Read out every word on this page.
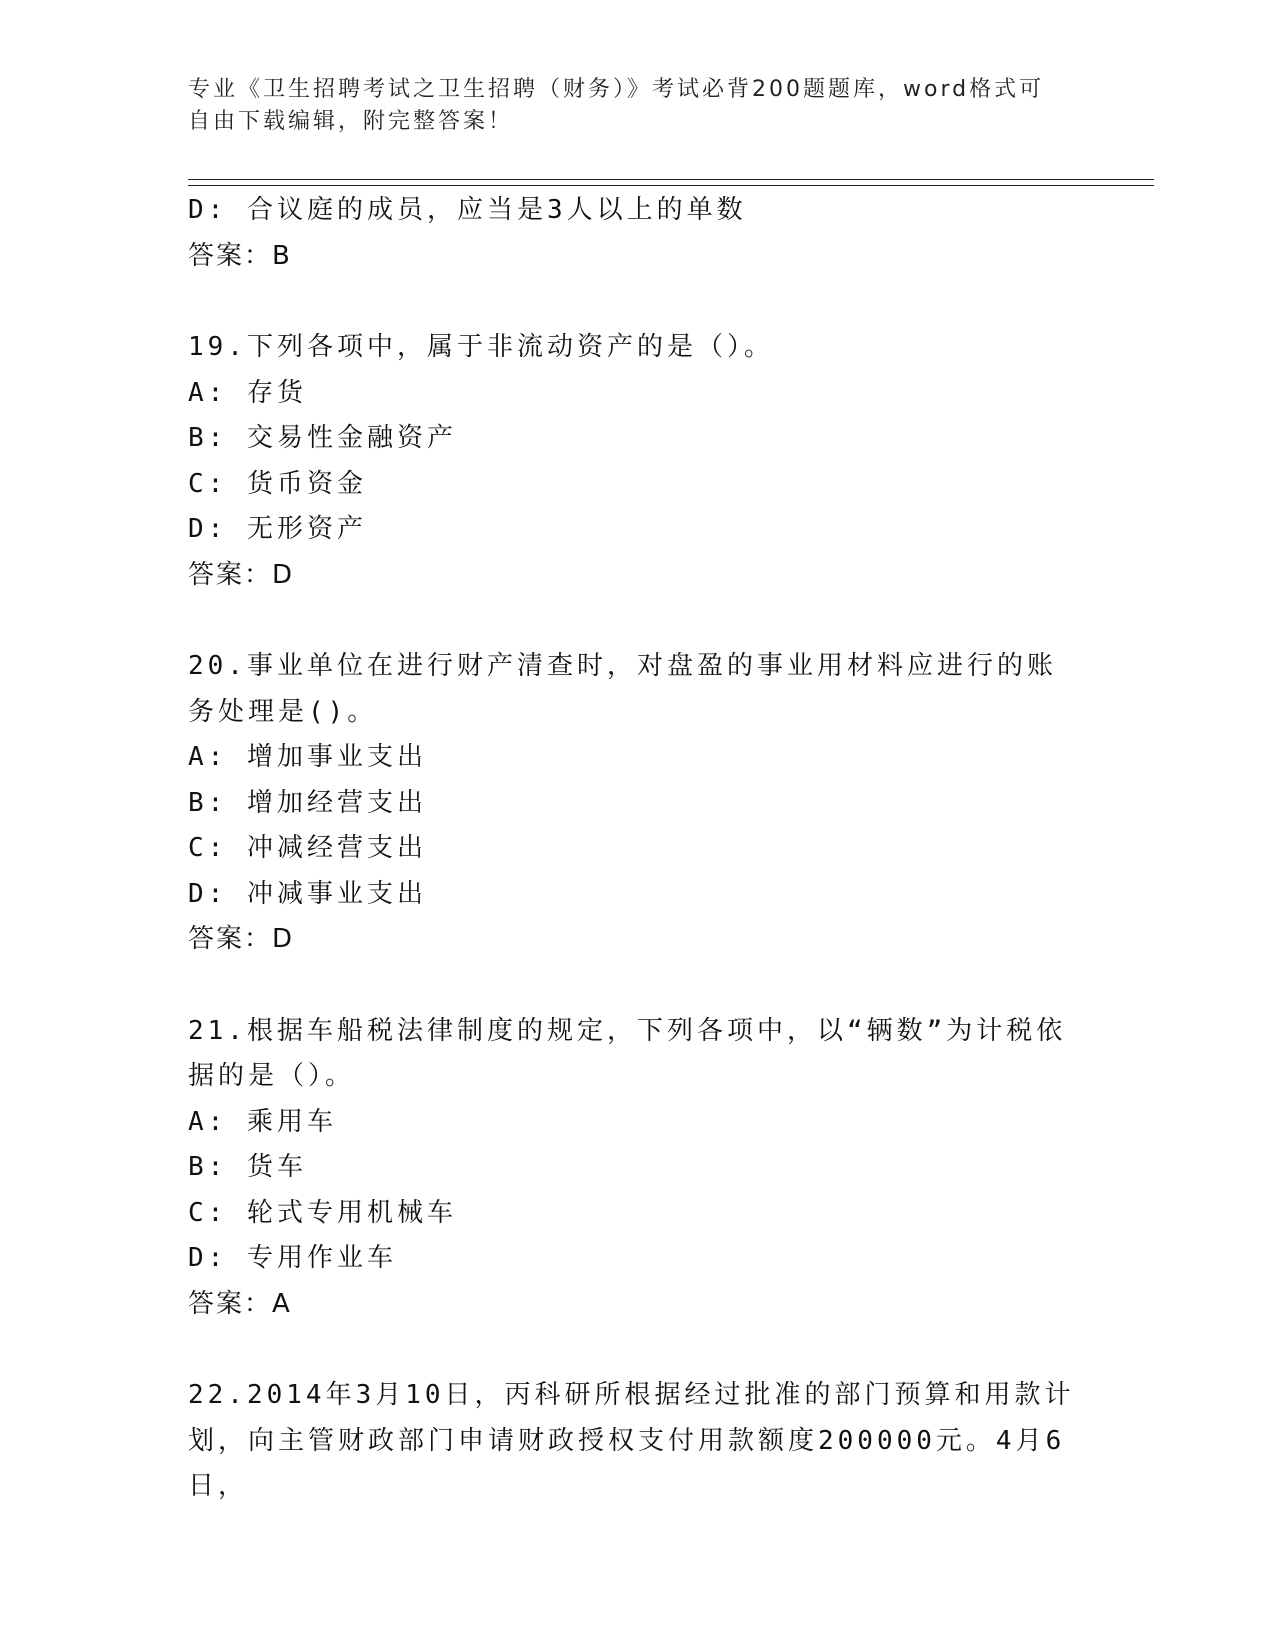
专业《卫生招聘考试之卫生招聘（财务）》考试必背200题题库，word格式可自由下载编辑，附完整答案！

D: 合议庭的成员，应当是3人以上的单数

答案：B

19.下列各项中，属于非流动资产的是（）。

A: 存货

B: 交易性金融资产

C: 货币资金

D: 无形资产

答案：D

20.事业单位在进行财产清查时，对盘盈的事业用材料应进行的账务处理是()。

A: 增加事业支出

B: 增加经营支出

C: 冲减经营支出

D: 冲减事业支出

答案：D

21.根据车船税法律制度的规定，下列各项中，以“辆数”为计税依据的是（）。

A: 乘用车

B: 货车

C: 轮式专用机械车

D: 专用作业车

答案：A

22.2014年3月10日，丙科研所根据经过批准的部门预算和用款计划，向主管财政部门申请财政授权支付用款额度200000元。4月6日，
